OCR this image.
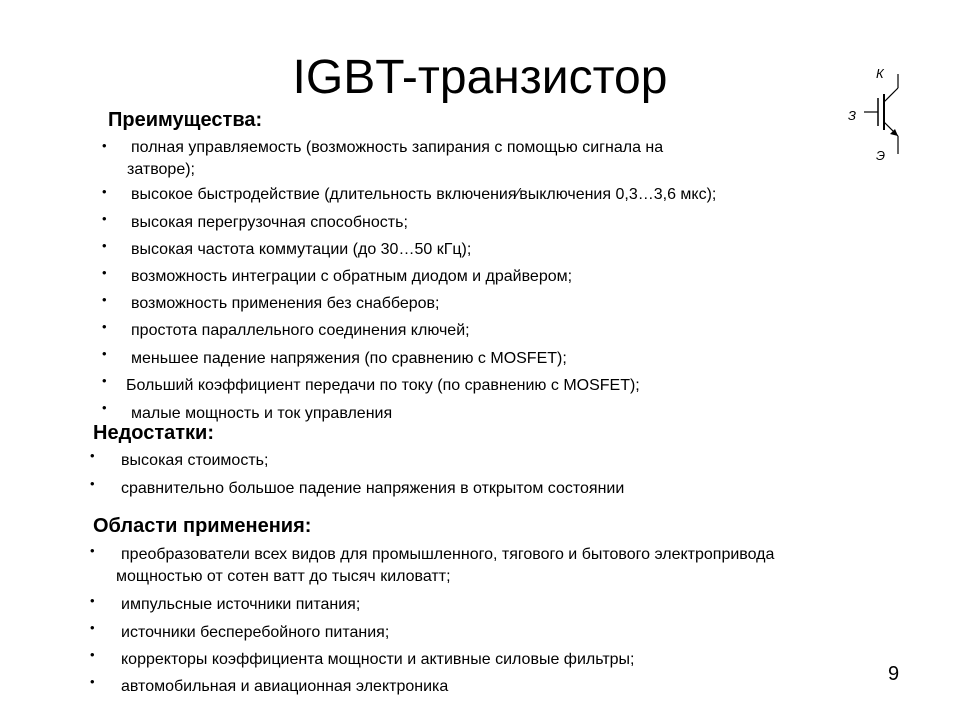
IGBT-транзистор	К
З
Э
Преимущества:
• полная управляемость (возможность запирания с помощью сигнала на
затворе);
• высокое быстродействие (длительность включения⁄выключения 0,3…3,6 мкс);
• высокая перегрузочная способность;
• высокая частота коммутации (до 30…50 кГц);
• возможность интеграции с обратным диодом и драйвером;
• возможность применения без снабберов;
• простота параллельного соединения ключей;
• меньшее падение напряжения (по сравнению с MOSFET);
• Больший коэффициент передачи по току (по сравнению с MOSFET);
• малые мощность и ток управления
Недостатки:
• высокая стоимость;
• сравнительно большое падение напряжения в открытом состоянии
Области применения:
• преобразователи всех видов для промышленного, тягового и бытового электропривода
мощностью от сотен ватт до тысяч киловатт;
• импульсные источники питания;
• источники бесперебойного питания;
• корректоры коэффициента мощности и активные силовые фильтры;
• автомобильная и авиационная электроника
9
